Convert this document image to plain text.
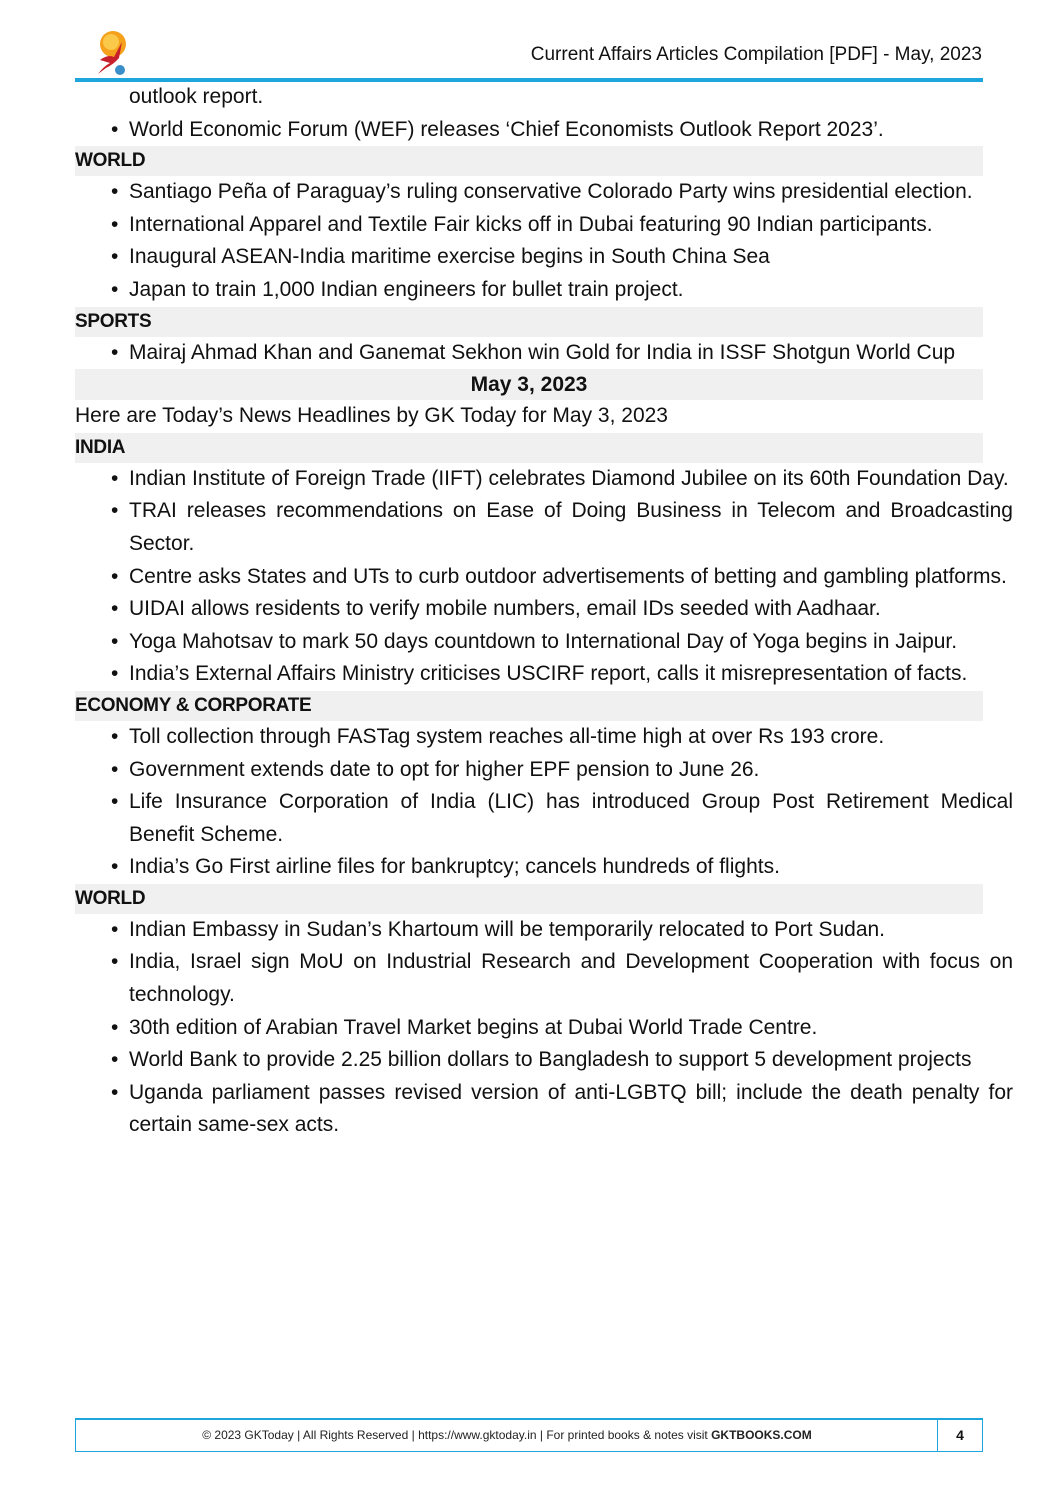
Current Affairs Articles Compilation [PDF] - May, 2023
outlook report.
• World Economic Forum (WEF) releases ‘Chief Economists Outlook Report 2023’.
WORLD
• Santiago Peña of Paraguay’s ruling conservative Colorado Party wins presidential election.
• International Apparel and Textile Fair kicks off in Dubai featuring 90 Indian participants.
• Inaugural ASEAN-India maritime exercise begins in South China Sea
• Japan to train 1,000 Indian engineers for bullet train project.
SPORTS
• Mairaj Ahmad Khan and Ganemat Sekhon win Gold for India in ISSF Shotgun World Cup
May 3, 2023
Here are Today’s News Headlines by GK Today for May 3, 2023
INDIA
• Indian Institute of Foreign Trade (IIFT) celebrates Diamond Jubilee on its 60th Foundation Day.
• TRAI releases recommendations on Ease of Doing Business in Telecom and Broadcasting Sector.
• Centre asks States and UTs to curb outdoor advertisements of betting and gambling platforms.
• UIDAI allows residents to verify mobile numbers, email IDs seeded with Aadhaar.
• Yoga Mahotsav to mark 50 days countdown to International Day of Yoga begins in Jaipur.
• India’s External Affairs Ministry criticises USCIRF report, calls it misrepresentation of facts.
ECONOMY & CORPORATE
• Toll collection through FASTag system reaches all-time high at over Rs 193 crore.
• Government extends date to opt for higher EPF pension to June 26.
• Life Insurance Corporation of India (LIC) has introduced Group Post Retirement Medical Benefit Scheme.
• India’s Go First airline files for bankruptcy; cancels hundreds of flights.
WORLD
• Indian Embassy in Sudan’s Khartoum will be temporarily relocated to Port Sudan.
• India, Israel sign MoU on Industrial Research and Development Cooperation with focus on technology.
• 30th edition of Arabian Travel Market begins at Dubai World Trade Centre.
• World Bank to provide 2.25 billion dollars to Bangladesh to support 5 development projects
• Uganda parliament passes revised version of anti-LGBTQ bill; include the death penalty for certain same-sex acts.
© 2023 GKToday | All Rights Reserved | https://www.gktoday.in | For printed books & notes visit GKTBOOKS.COM	4
